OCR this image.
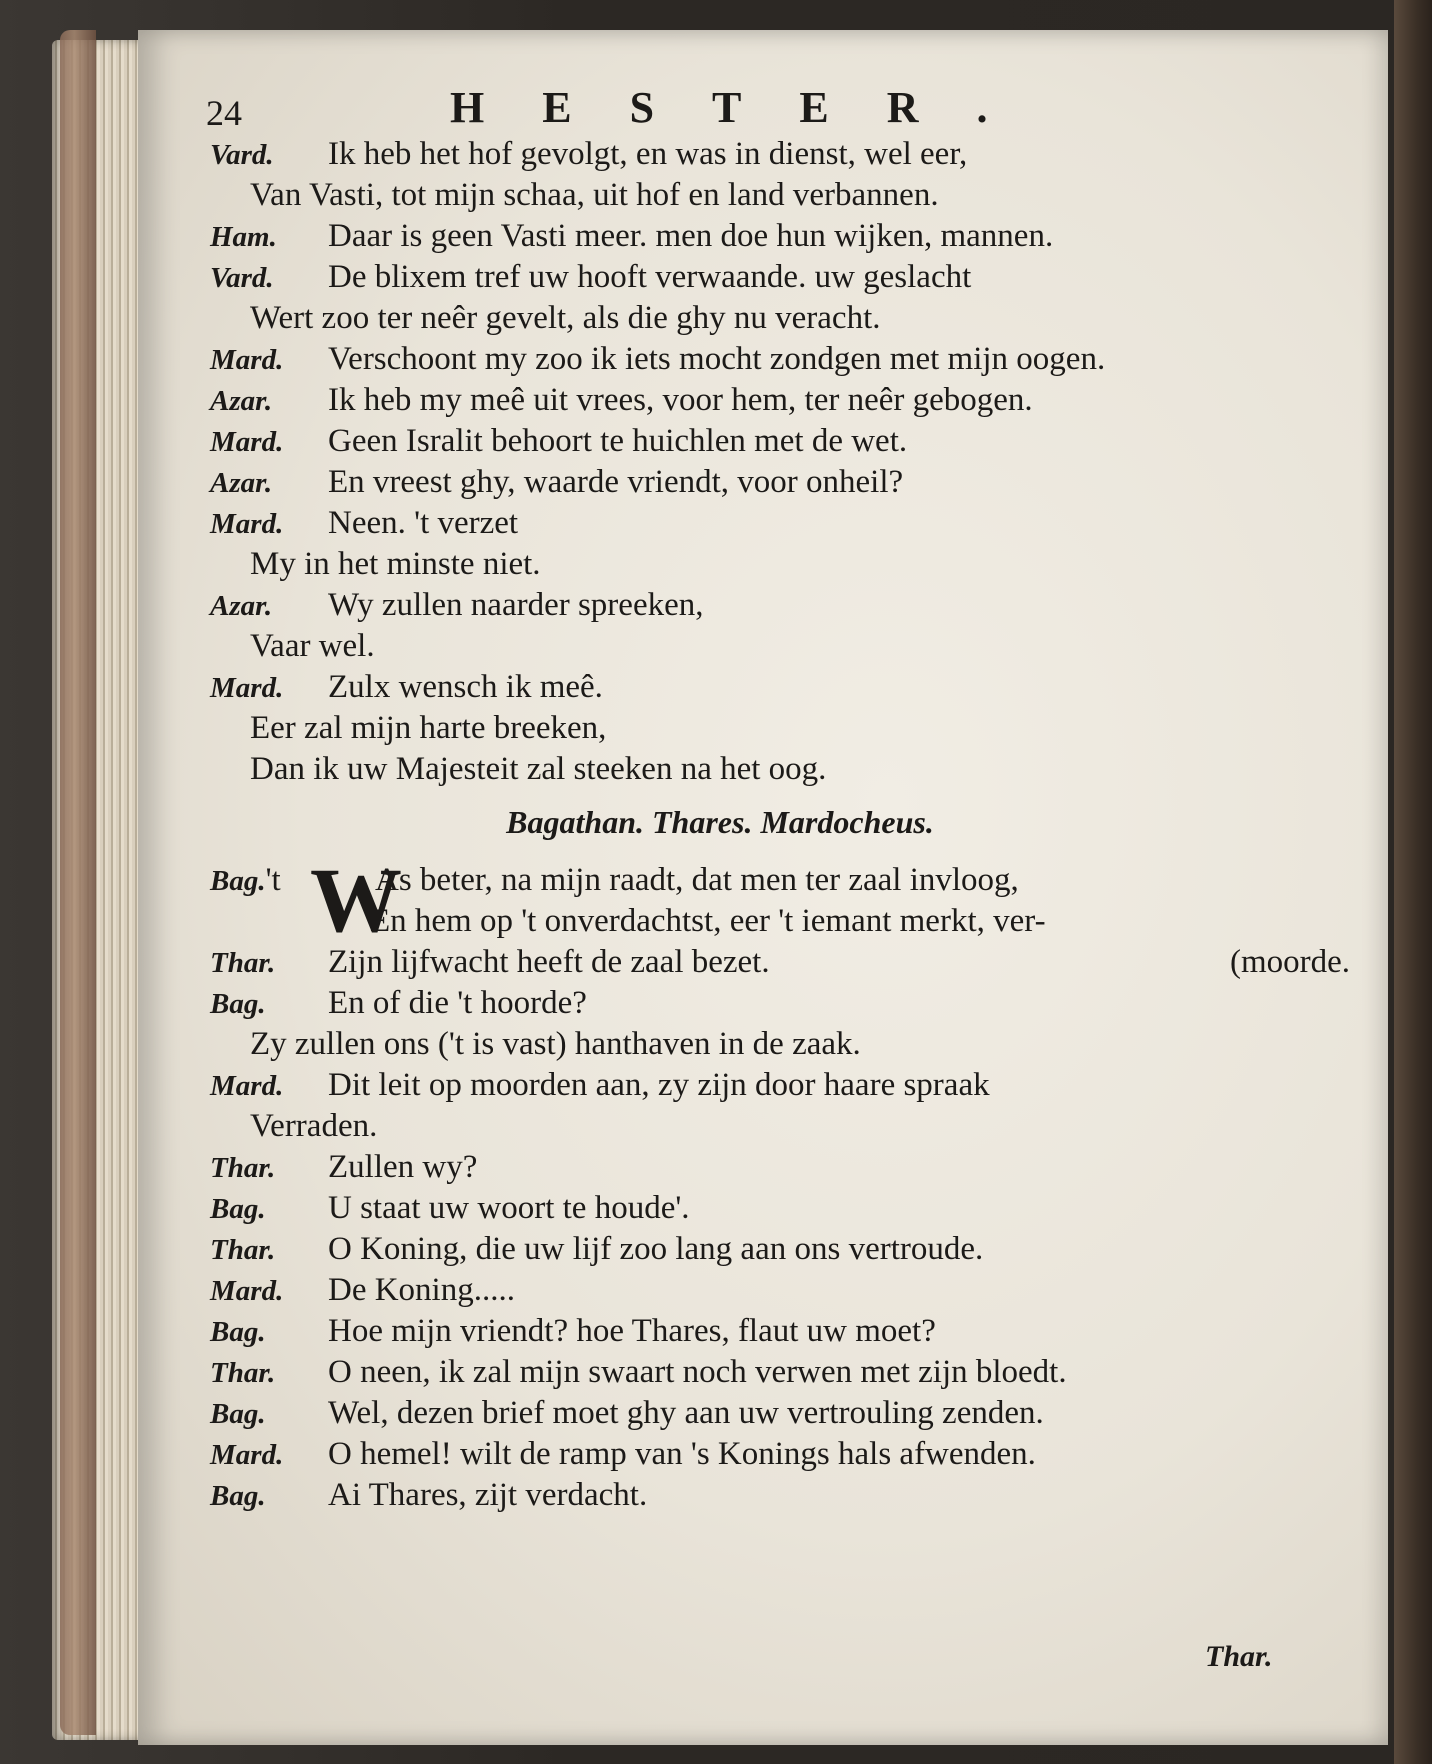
24	HESTER.
Vard. Ik heb het hof gevolgt, en was in dienst, wel eer,
Van Vasti, tot mijn schaa, uit hof en land verbannen.
Ham. Daar is geen Vasti meer. men doe hun wijken, mannen.
Vard. De blixem tref uw hooft verwaande. uw geslacht
Wert zoo ter neêr gevelt, als die ghy nu veracht.
Mard. Verschoont my zoo ik iets mocht zondgen met mijn oogen.
Azar. Ik heb my meê uit vrees, voor hem, ter neêr gebogen.
Mard. Geen Isralit behoort te huichlen met de wet.
Azar. En vreest ghy, waarde vriendt, voor onheil?
Mard. Neen. 't verzet
My in het minste niet.
Azar. Wy zullen naarder spreeken,
Vaar wel.
Mard. Zulx wensch ik meê.
Eer zal mijn harte breeken,
Dan ik uw Majesteit zal steeken na het oog.
Bagathan. Thares. Mardocheus.
Bag.'t W
As beter, na mijn raadt, dat men ter zaal invloog,
En hem op 't onverdachtst, eer 't iemant merkt, ver-
Thar. Zijn lijfwacht heeft de zaal bezet.	(moorde.
Bag. En of die 't hoorde?
Zy zullen ons ('t is vast) hanthaven in de zaak.
Mard. Dit leit op moorden aan, zy zijn door haare spraak
Verraden.
Thar. Zullen wy?
Bag. U staat uw woort te houde'.
Thar. O Koning, die uw lijf zoo lang aan ons vertroude.
Mard. De Koning.....
Bag. Hoe mijn vriendt? hoe Thares, flaut uw moet?
Thar. O neen, ik zal mijn swaart noch verwen met zijn bloedt.
Bag. Wel, dezen brief moet ghy aan uw vertrouling zenden.
Mard. O hemel! wilt de ramp van 's Konings hals afwenden.
Bag. Ai Thares, zijt verdacht.
Thar.
